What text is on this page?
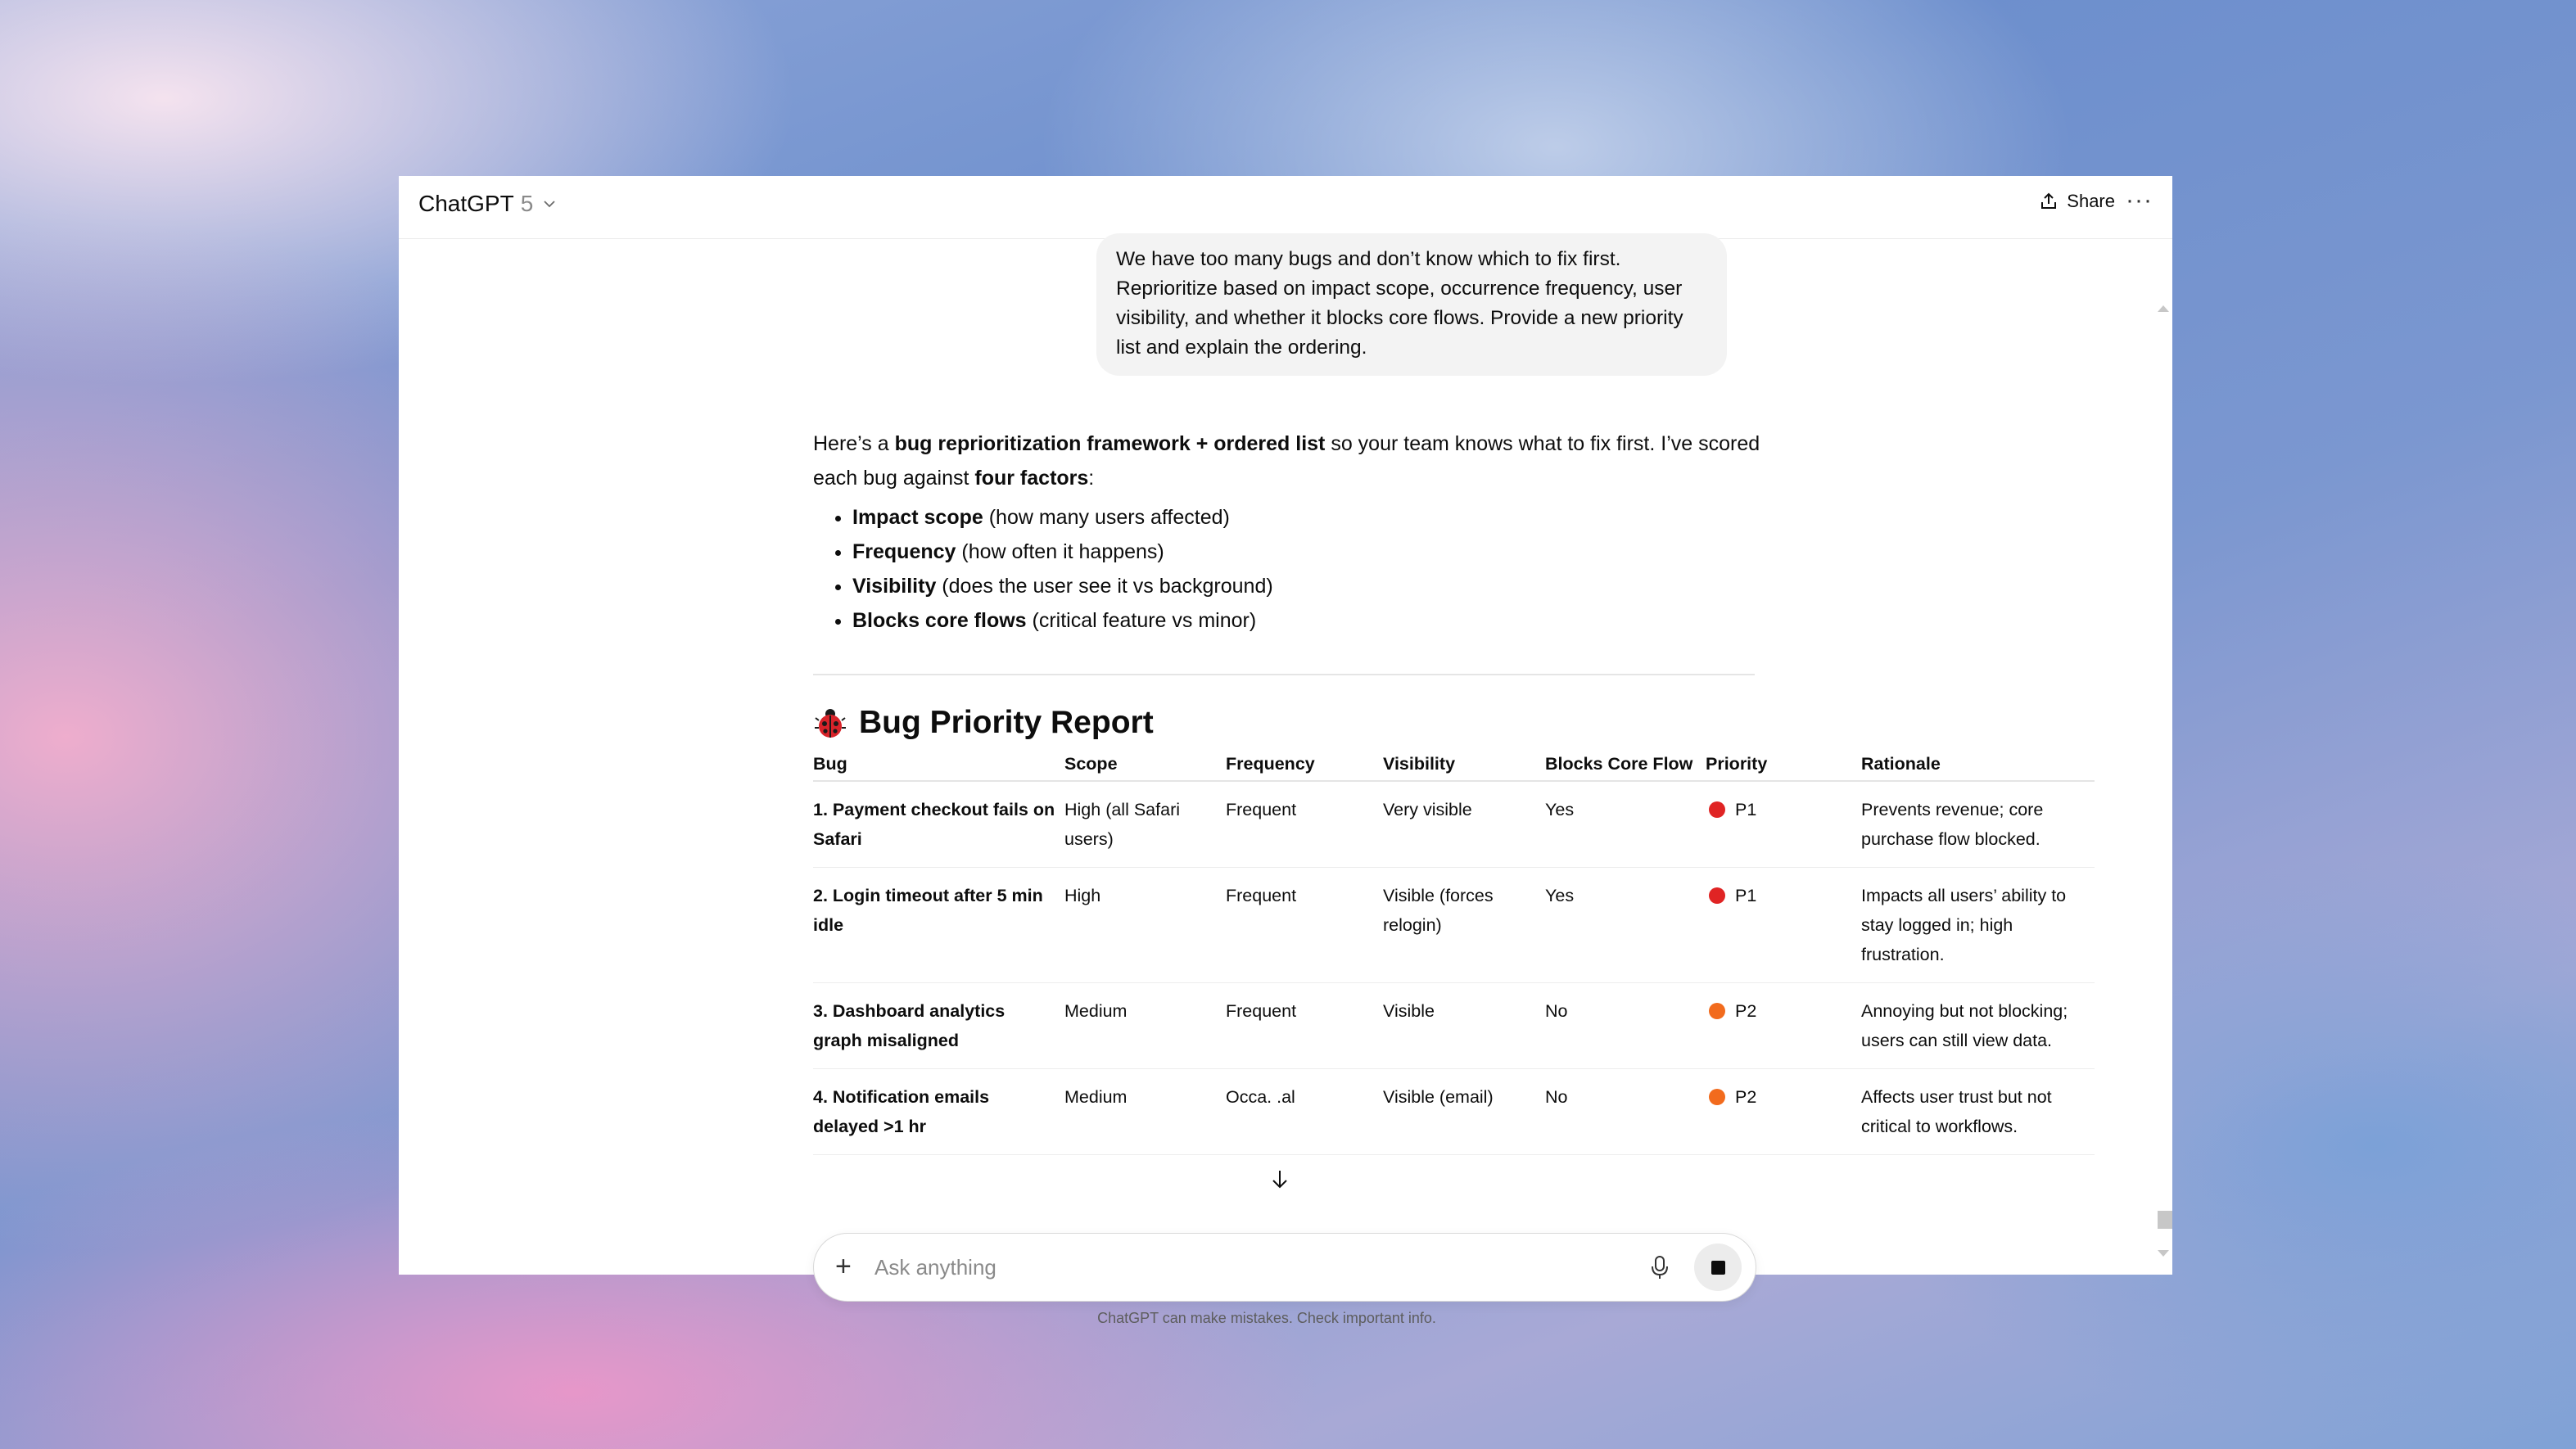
ChatGPT 5	Share ···
We have too many bugs and don’t know which to fix first. Reprioritize based on impact scope, occurrence frequency, user visibility, and whether it blocks core flows. Provide a new priority list and explain the ordering.

Here’s a bug reprioritization framework + ordered list so your team knows what to fix first. I’ve scored each bug against four factors:

• Impact scope (how many users affected)
• Frequency (how often it happens)
• Visibility (does the user see it vs background)
• Blocks core flows (critical feature vs minor)
Bug Priority Report
Bug	Scope	Frequency	Visibility	Blocks Core Flow	Priority	Rationale
1. Payment checkout fails on Safari	High (all Safari users)	Frequent	Very visible	Yes	P1	Prevents revenue; core purchase flow blocked.
2. Login timeout after 5 min idle	High	Frequent	Visible (forces relogin)	Yes	P1	Impacts all users’ ability to stay logged in; high frustration.
3. Dashboard analytics graph misaligned	Medium	Frequent	Visible	No	P2	Annoying but not blocking; users can still view data.
4. Notification emails delayed >1 hr	Medium	Occa. .al	Visible (email)	No	P2	Affects user trust but not critical to workflows.
+
Ask anything
ChatGPT can make mistakes. Check important info.
